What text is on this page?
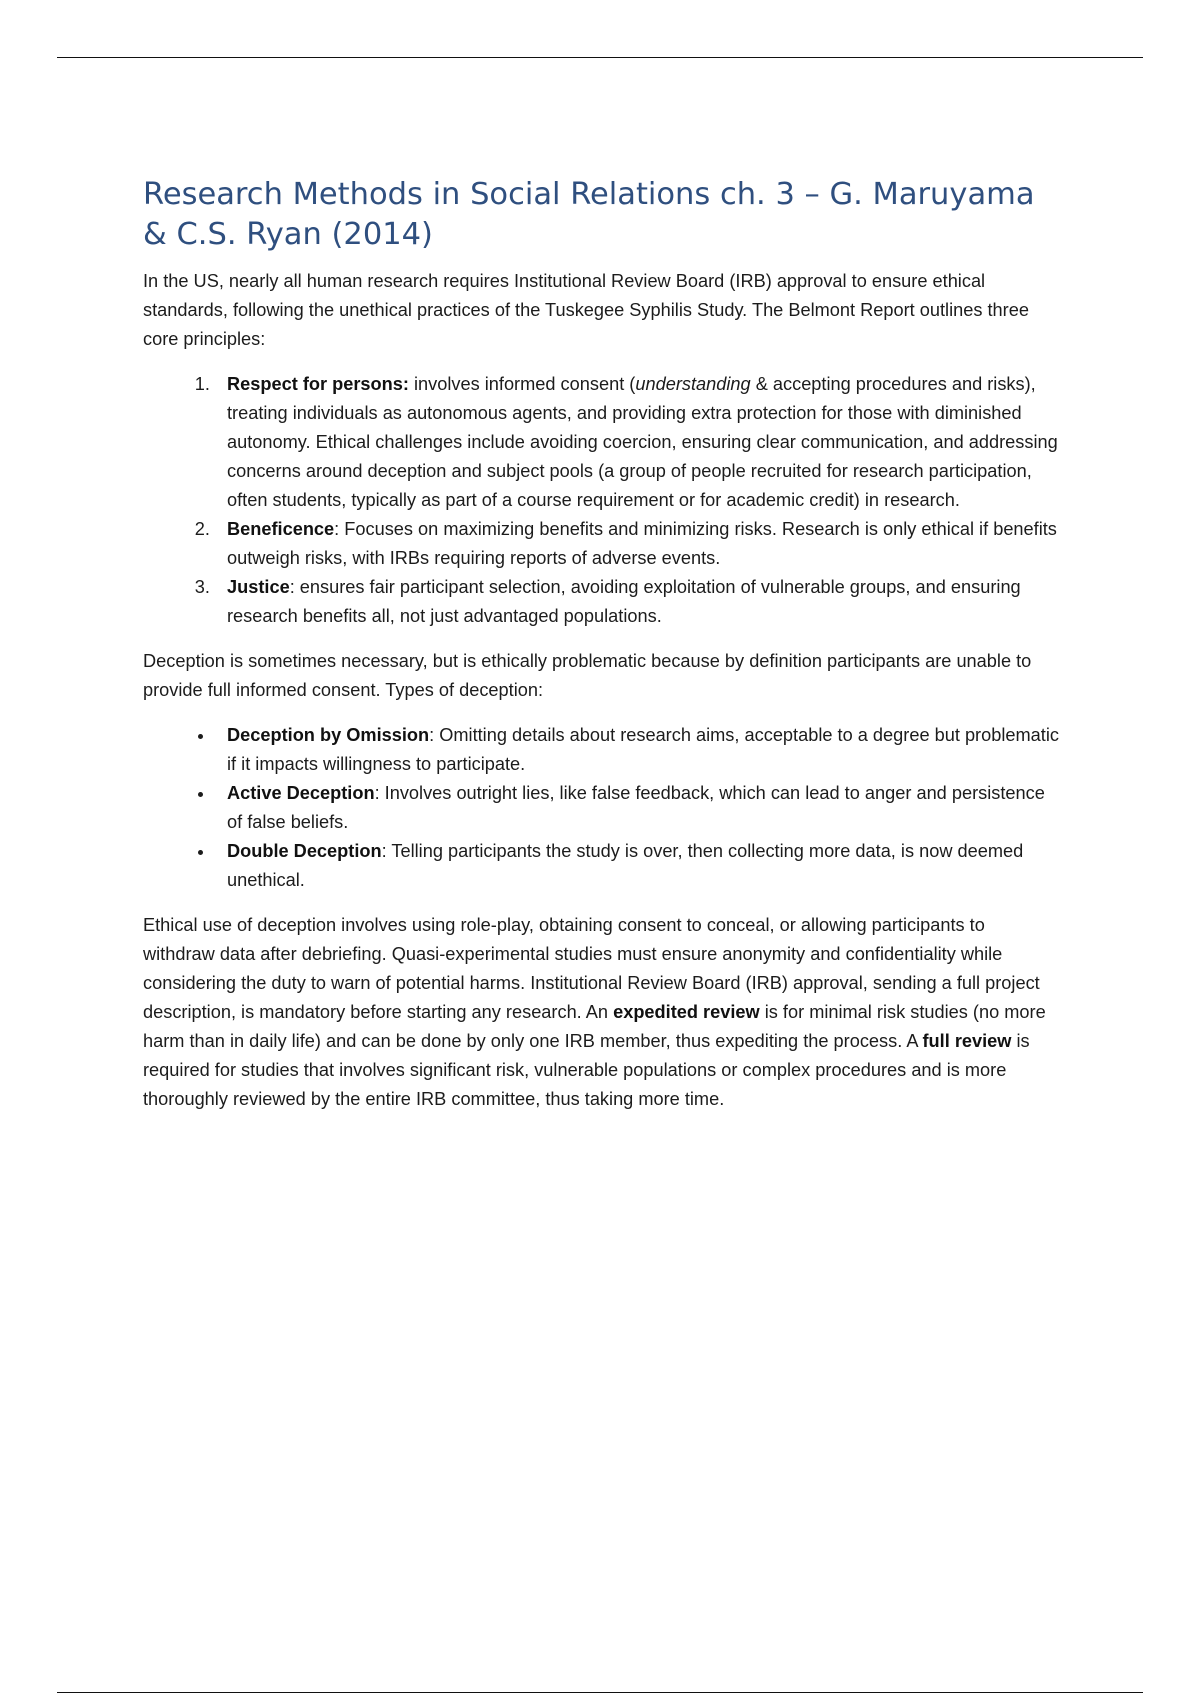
Research Methods in Social Relations ch. 3 – G. Maruyama & C.S. Ryan (2014)

In the US, nearly all human research requires Institutional Review Board (IRB) approval to ensure ethical standards, following the unethical practices of the Tuskegee Syphilis Study. The Belmont Report outlines three core principles:

1. Respect for persons: involves informed consent (understanding & accepting procedures and risks), treating individuals as autonomous agents, and providing extra protection for those with diminished autonomy. Ethical challenges include avoiding coercion, ensuring clear communication, and addressing concerns around deception and subject pools (a group of people recruited for research participation, often students, typically as part of a course requirement or for academic credit) in research.
2. Beneficence: Focuses on maximizing benefits and minimizing risks. Research is only ethical if benefits outweigh risks, with IRBs requiring reports of adverse events.
3. Justice: ensures fair participant selection, avoiding exploitation of vulnerable groups, and ensuring research benefits all, not just advantaged populations.

Deception is sometimes necessary, but is ethically problematic because by definition participants are unable to provide full informed consent. Types of deception:

• Deception by Omission: Omitting details about research aims, acceptable to a degree but problematic if it impacts willingness to participate.
• Active Deception: Involves outright lies, like false feedback, which can lead to anger and persistence of false beliefs.
• Double Deception: Telling participants the study is over, then collecting more data, is now deemed unethical.

Ethical use of deception involves using role-play, obtaining consent to conceal, or allowing participants to withdraw data after debriefing. Quasi-experimental studies must ensure anonymity and confidentiality while considering the duty to warn of potential harms. Institutional Review Board (IRB) approval, sending a full project description, is mandatory before starting any research. An expedited review is for minimal risk studies (no more harm than in daily life) and can be done by only one IRB member, thus expediting the process. A full review is required for studies that involves significant risk, vulnerable populations or complex procedures and is more thoroughly reviewed by the entire IRB committee, thus taking more time.
